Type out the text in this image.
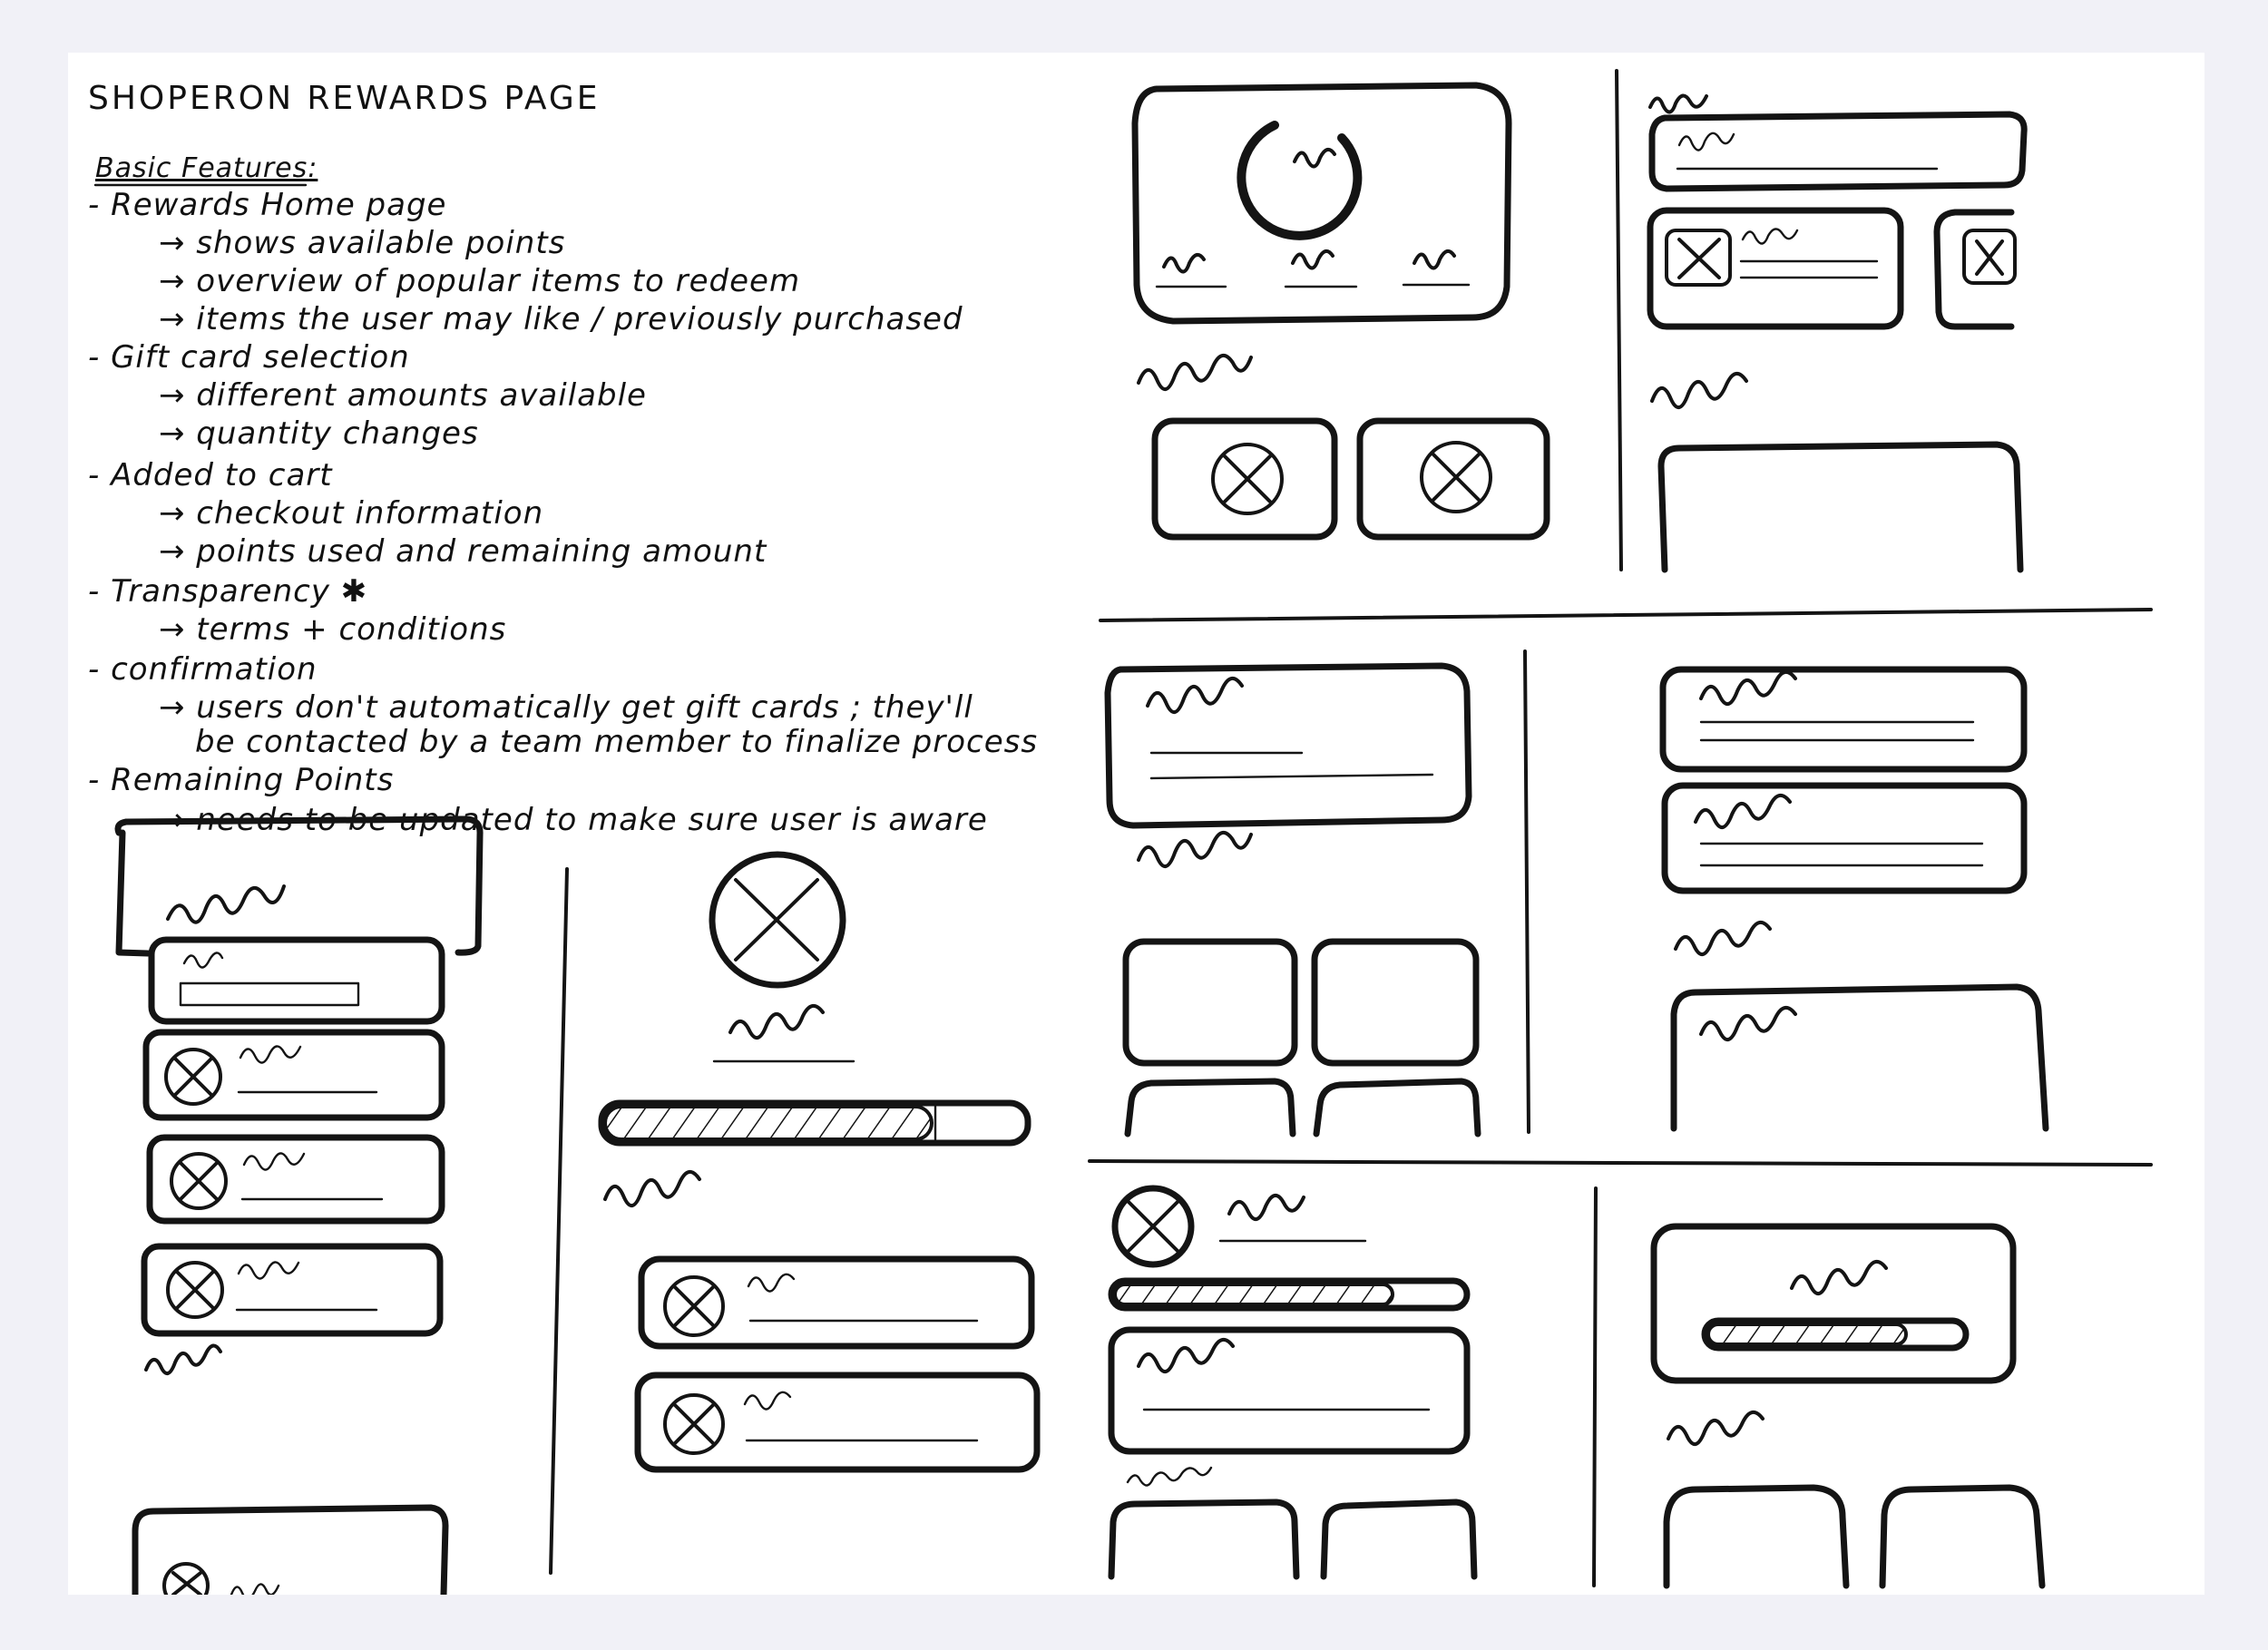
SHOPERON REWARDS PAGE
Basic Features:
- Rewards Home page
→ shows available points
→ overview of popular items to redeem
→ items the user may like / previously purchased
- Gift card selection
→ different amounts available
→ quantity changes
- Added to cart
→ checkout information
→ points used and remaining amount
- Transparency ✱
→ terms + conditions
- confirmation
→ users don't automatically get gift cards ; they'll
be contacted by a team member to finalize process
- Remaining Points
→ needs to be updated to make sure user is aware
